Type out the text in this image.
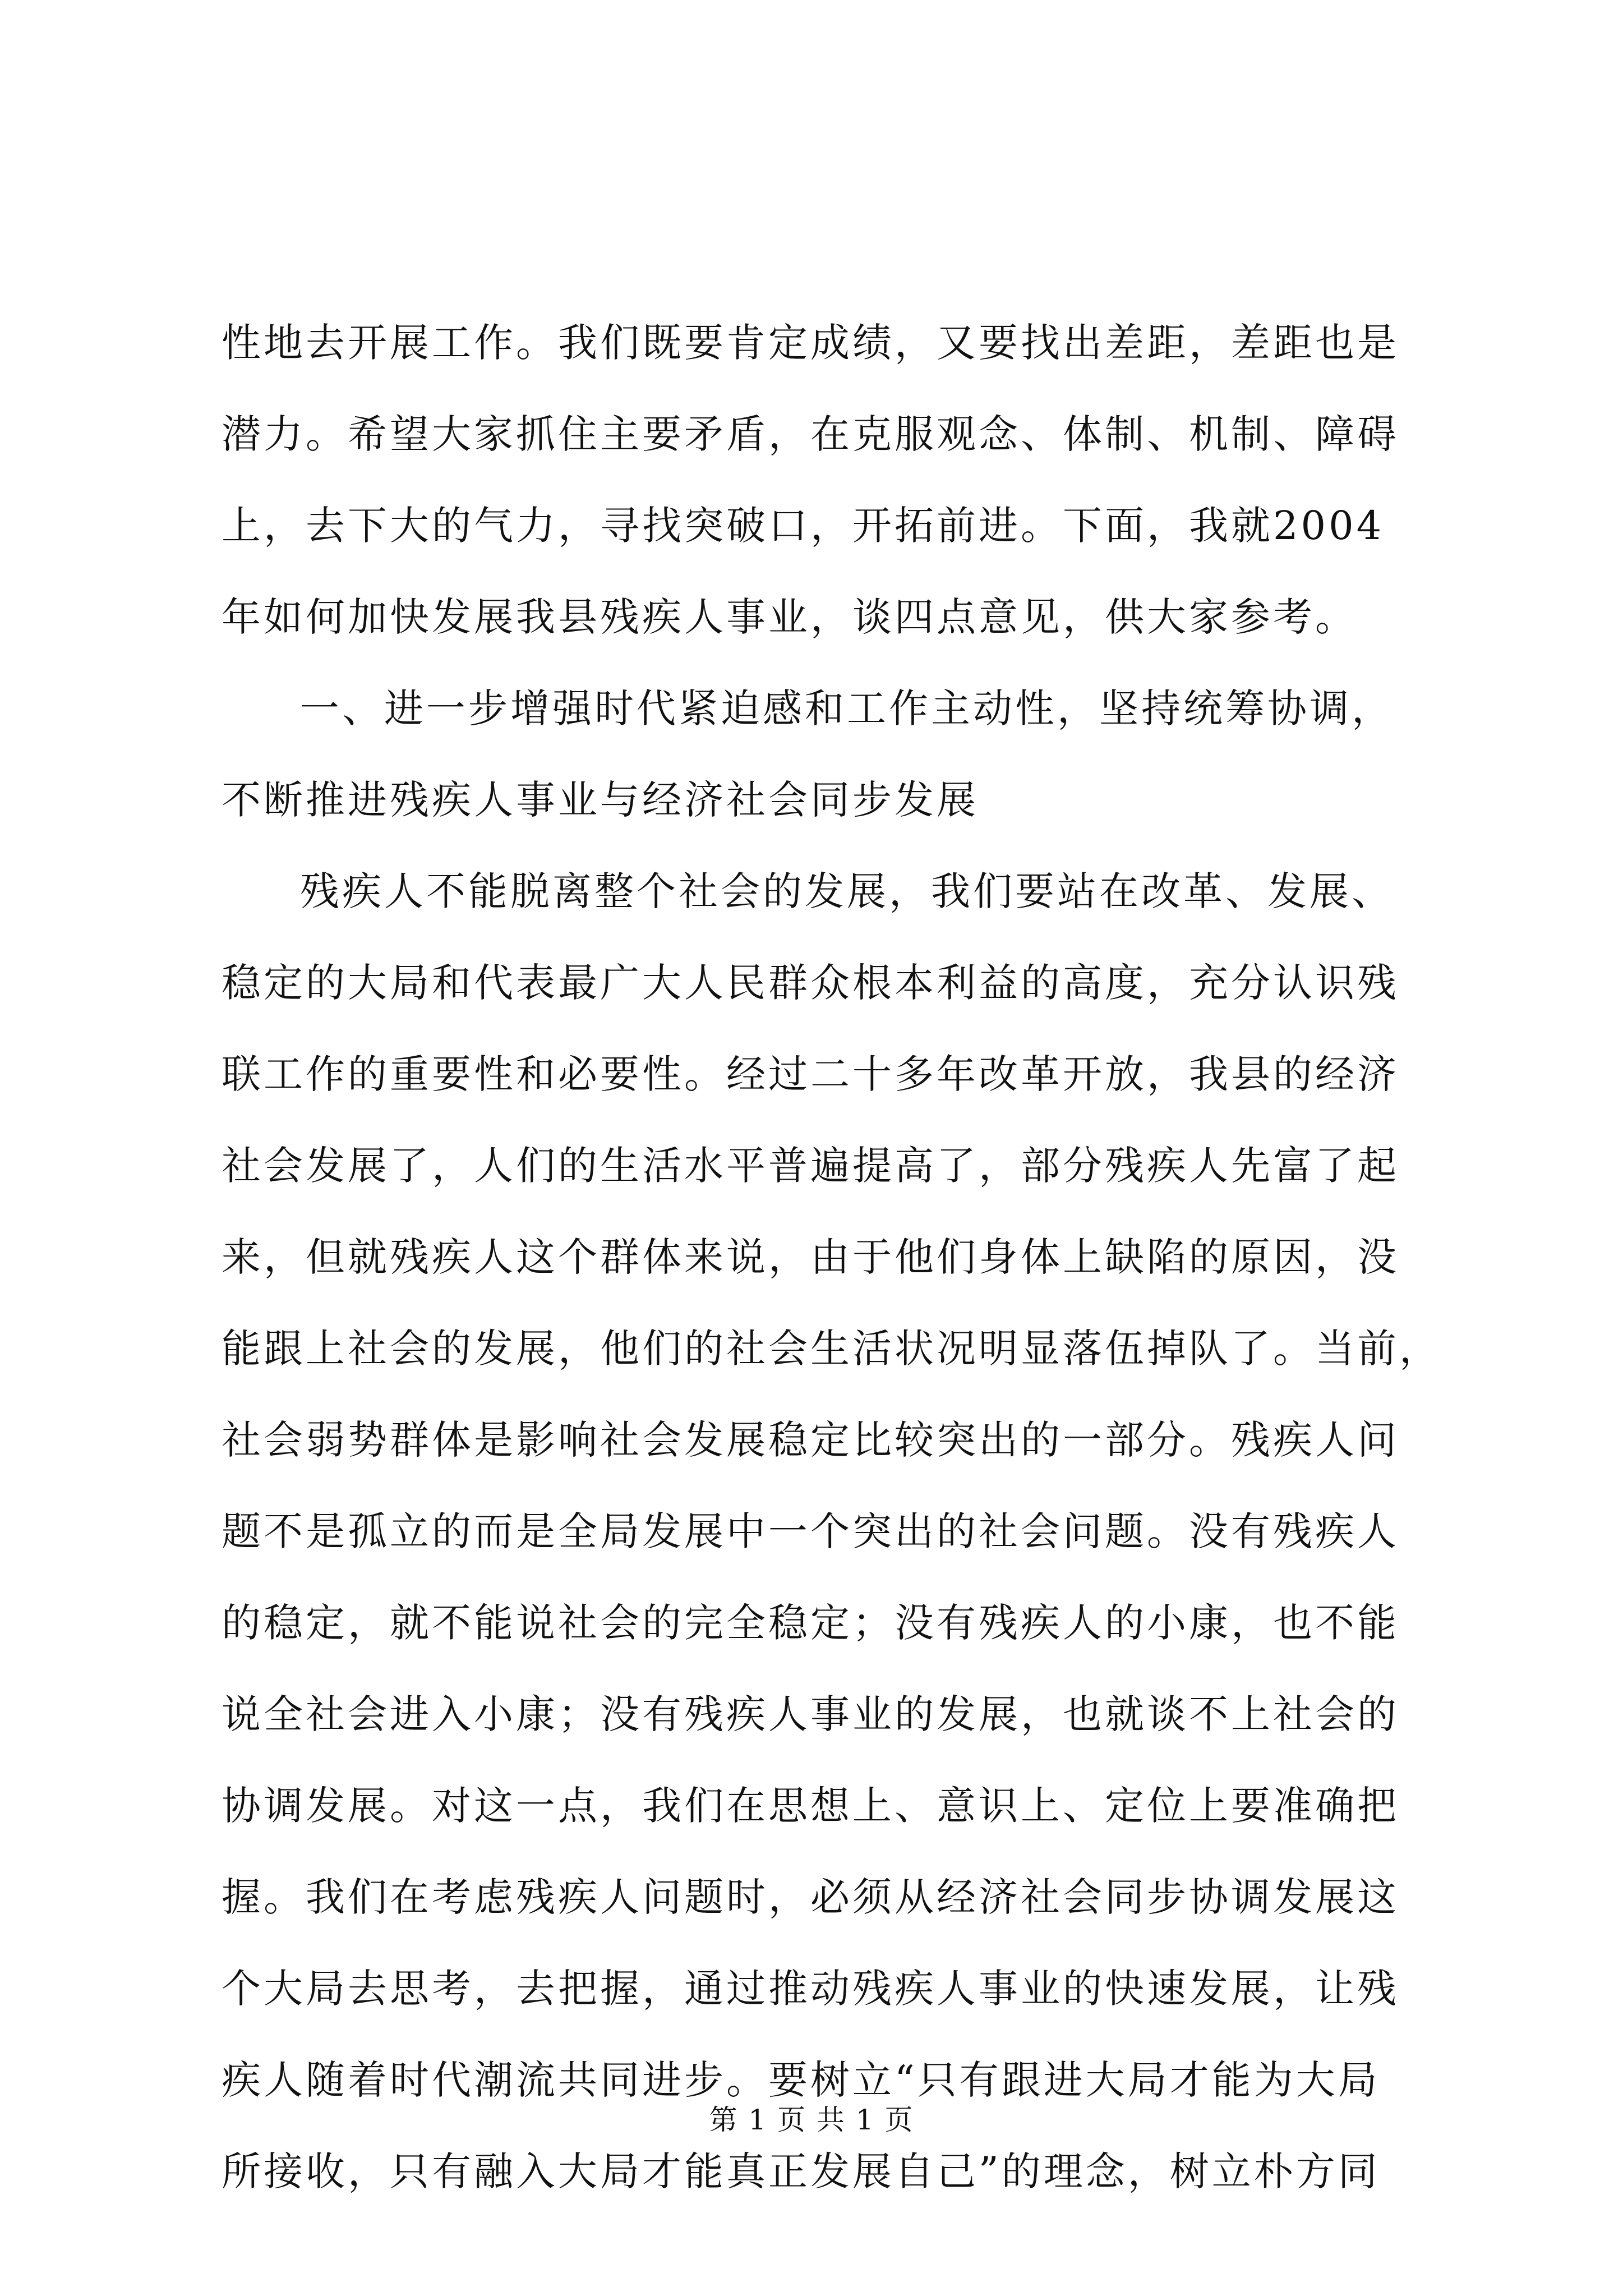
性地去开展工作。我们既要肯定成绩，又要找出差距，差距也是
潜力。希望大家抓住主要矛盾，在克服观念、体制、机制、障碍
上，去下大的气力，寻找突破口，开拓前进。下面，我就2004
年如何加快发展我县残疾人事业，谈四点意见，供大家参考。
一、进一步增强时代紧迫感和工作主动性，坚持统筹协调，
不断推进残疾人事业与经济社会同步发展
残疾人不能脱离整个社会的发展，我们要站在改革、发展、
稳定的大局和代表最广大人民群众根本利益的高度，充分认识残
联工作的重要性和必要性。经过二十多年改革开放，我县的经济
社会发展了，人们的生活水平普遍提高了，部分残疾人先富了起
来，但就残疾人这个群体来说，由于他们身体上缺陷的原因，没
能跟上社会的发展，他们的社会生活状况明显落伍掉队了。当前，
社会弱势群体是影响社会发展稳定比较突出的一部分。残疾人问
题不是孤立的而是全局发展中一个突出的社会问题。没有残疾人
的稳定，就不能说社会的完全稳定；没有残疾人的小康，也不能
说全社会进入小康；没有残疾人事业的发展，也就谈不上社会的
协调发展。对这一点，我们在思想上、意识上、定位上要准确把
握。我们在考虑残疾人问题时，必须从经济社会同步协调发展这
个大局去思考，去把握，通过推动残疾人事业的快速发展，让残
疾人随着时代潮流共同进步。要树立“只有跟进大局才能为大局
所接收，只有融入大局才能真正发展自己”的理念，树立朴方同
第 1 页 共 1 页
